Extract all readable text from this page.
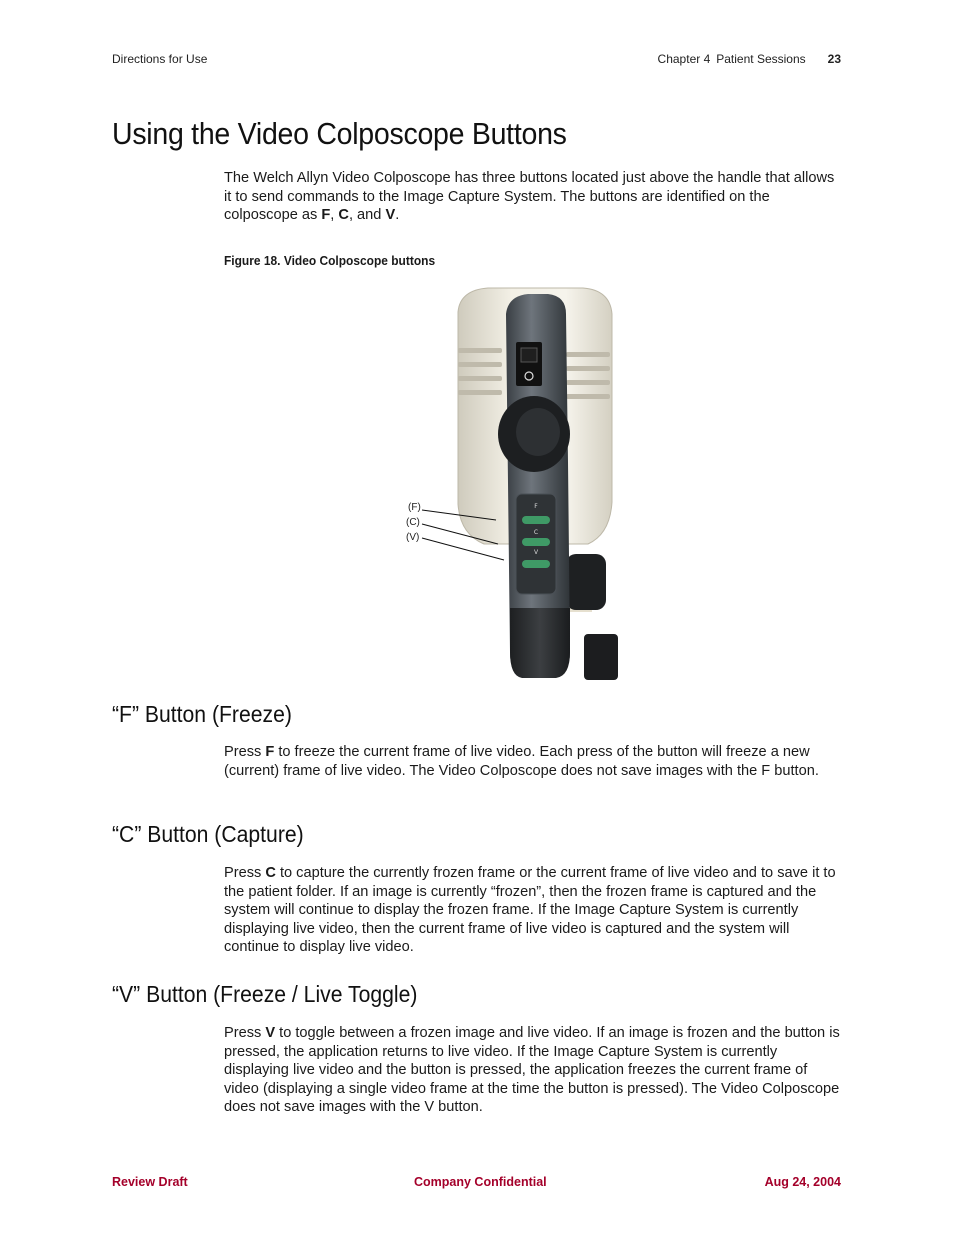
Directions for Use	Chapter 4 Patient Sessions 23
Using the Video Colposcope Buttons

The Welch Allyn Video Colposcope has three buttons located just above the handle that allows it to send commands to the Image Capture System. The buttons are identified on the colposcope as F, C, and V.

Figure 18. Video Colposcope buttons
F
C
V
(F)
(C)
(V)
“F” Button (Freeze)

Press F to freeze the current frame of live video. Each press of the button will freeze a new (current) frame of live video. The Video Colposcope does not save images with the F button.

“C” Button (Capture)

Press C to capture the currently frozen frame or the current frame of live video and to save it to the patient folder. If an image is currently “frozen”, then the frozen frame is captured and the system will continue to display the frozen frame. If the Image Capture System is currently displaying live video, then the current frame of live video is captured and the system will continue to display live video.

“V” Button (Freeze / Live Toggle)

Press V to toggle between a frozen image and live video. If an image is frozen and the button is pressed, the application returns to live video. If the Image Capture System is currently displaying live video and the button is pressed, the application freezes the current frame of video (displaying a single video frame at the time the button is pressed). The Video Colposcope does not save images with the V button.

Review Draft	Company Confidential	Aug 24, 2004
